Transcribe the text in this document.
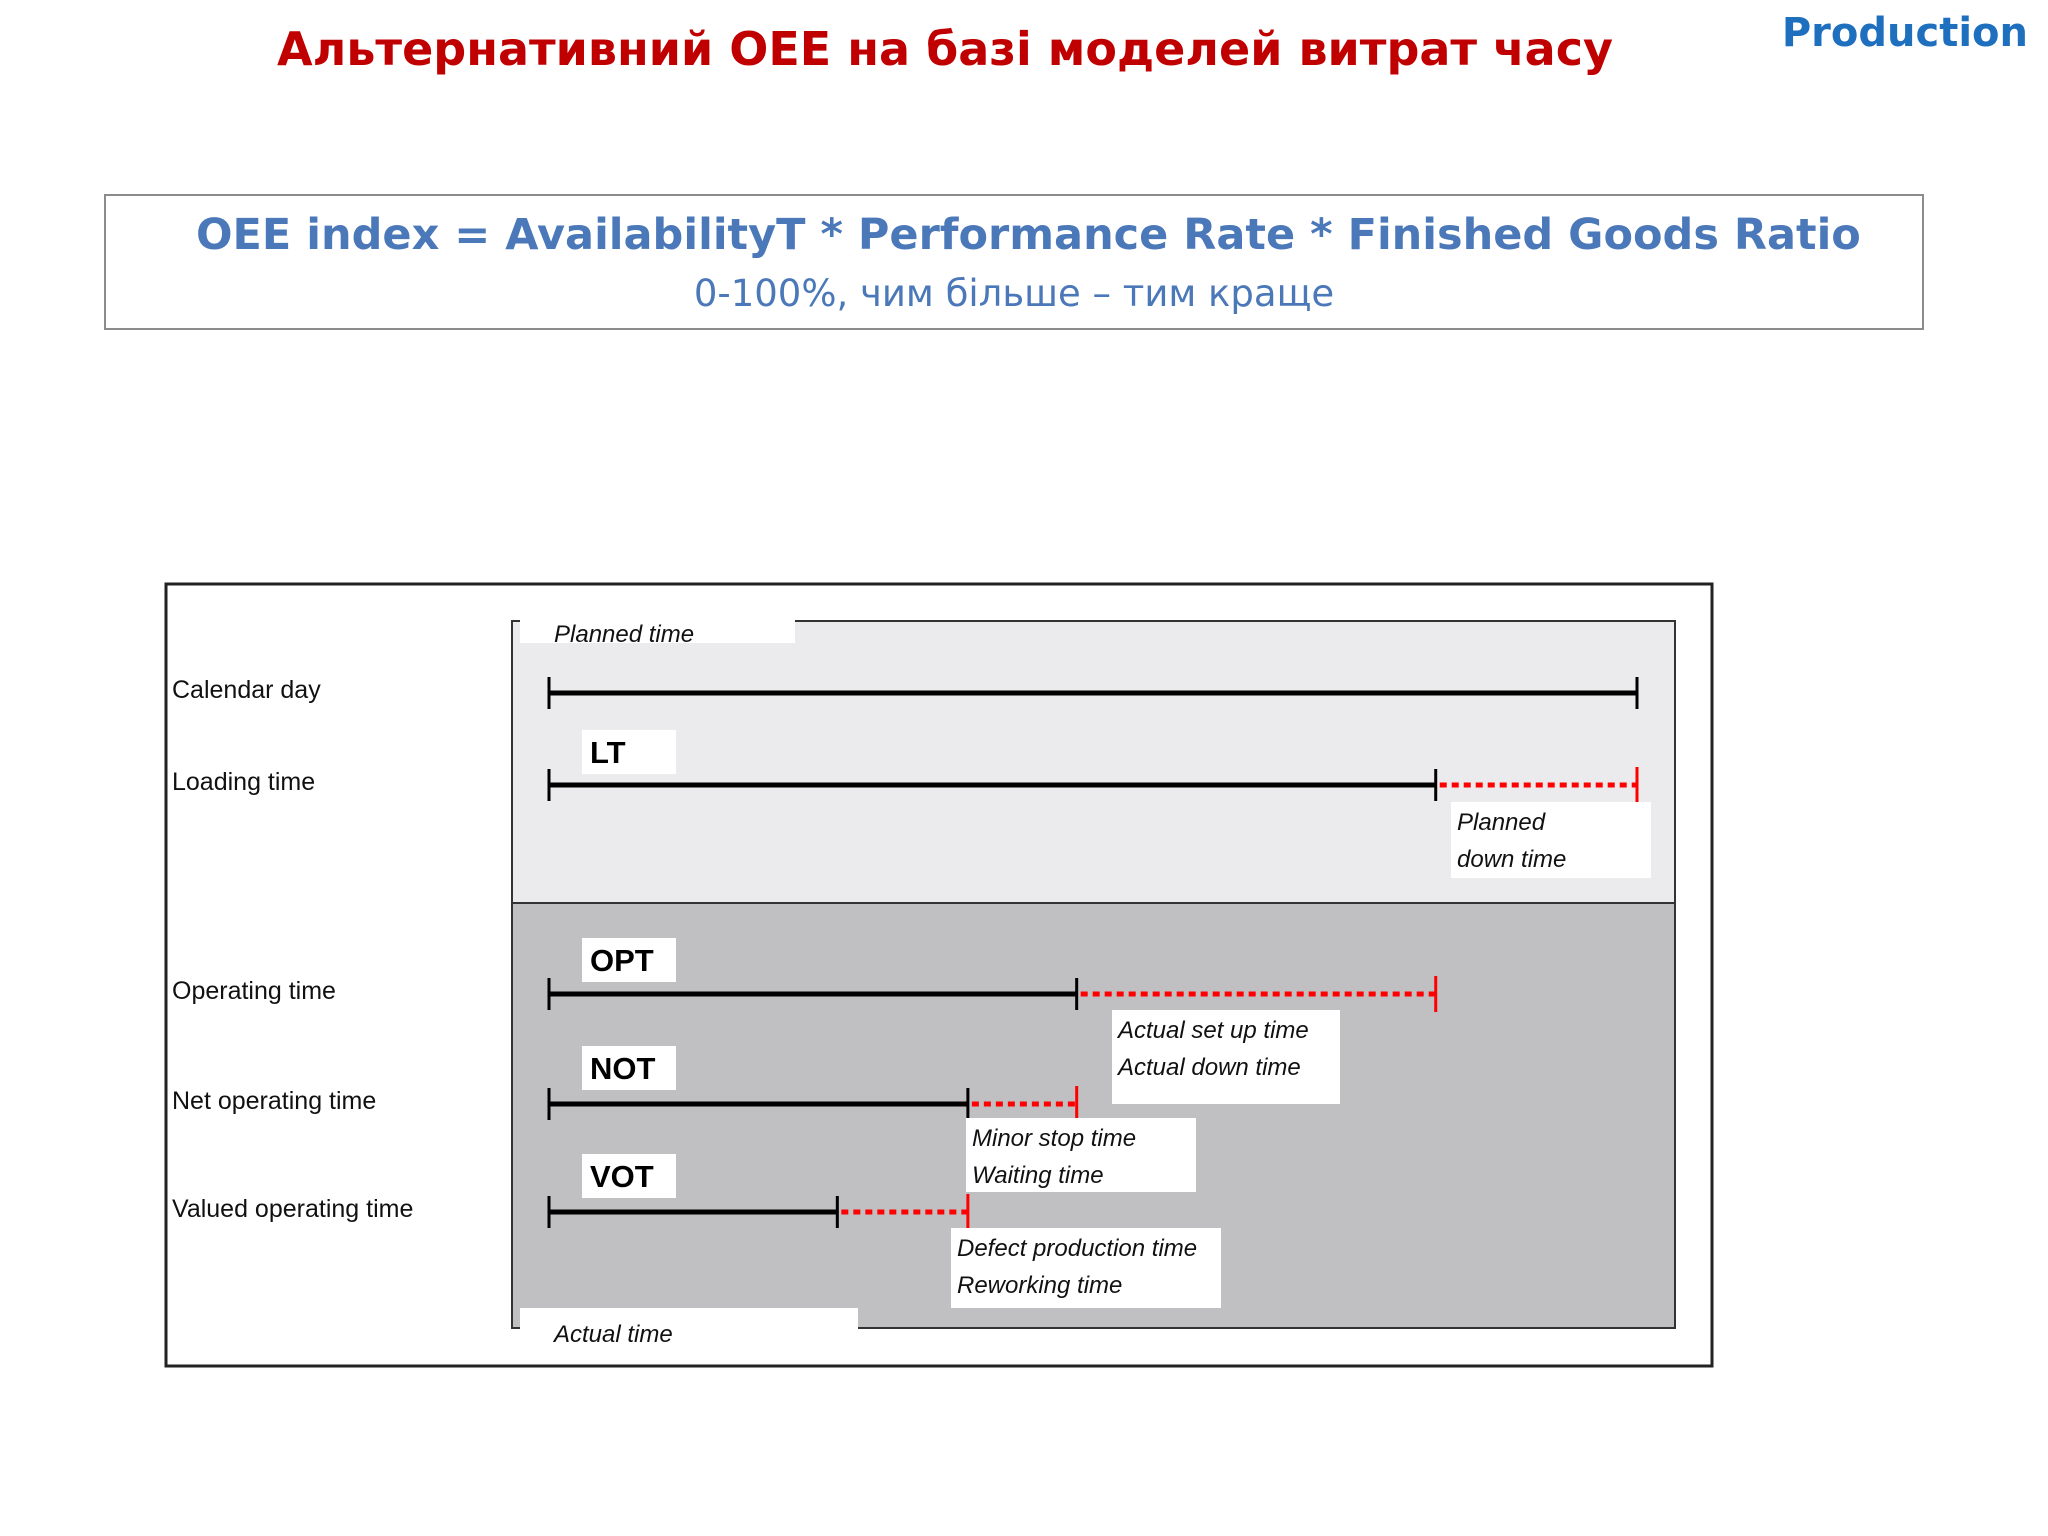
Альтернативний OEE на базі моделей витрат часу	Production
OEE index = AvailabilityT * Performance Rate * Finished Goods Ratio
0-100%, чим більше – тим краще
Planned time
Actual time
Calendar day
Loading time
LT
Planned
down time
Operating time
OPT
Actual set up time
Actual down time
Net operating time
NOT
Minor stop time
Waiting time
Valued operating time
VOT
Defect production time
Reworking time
